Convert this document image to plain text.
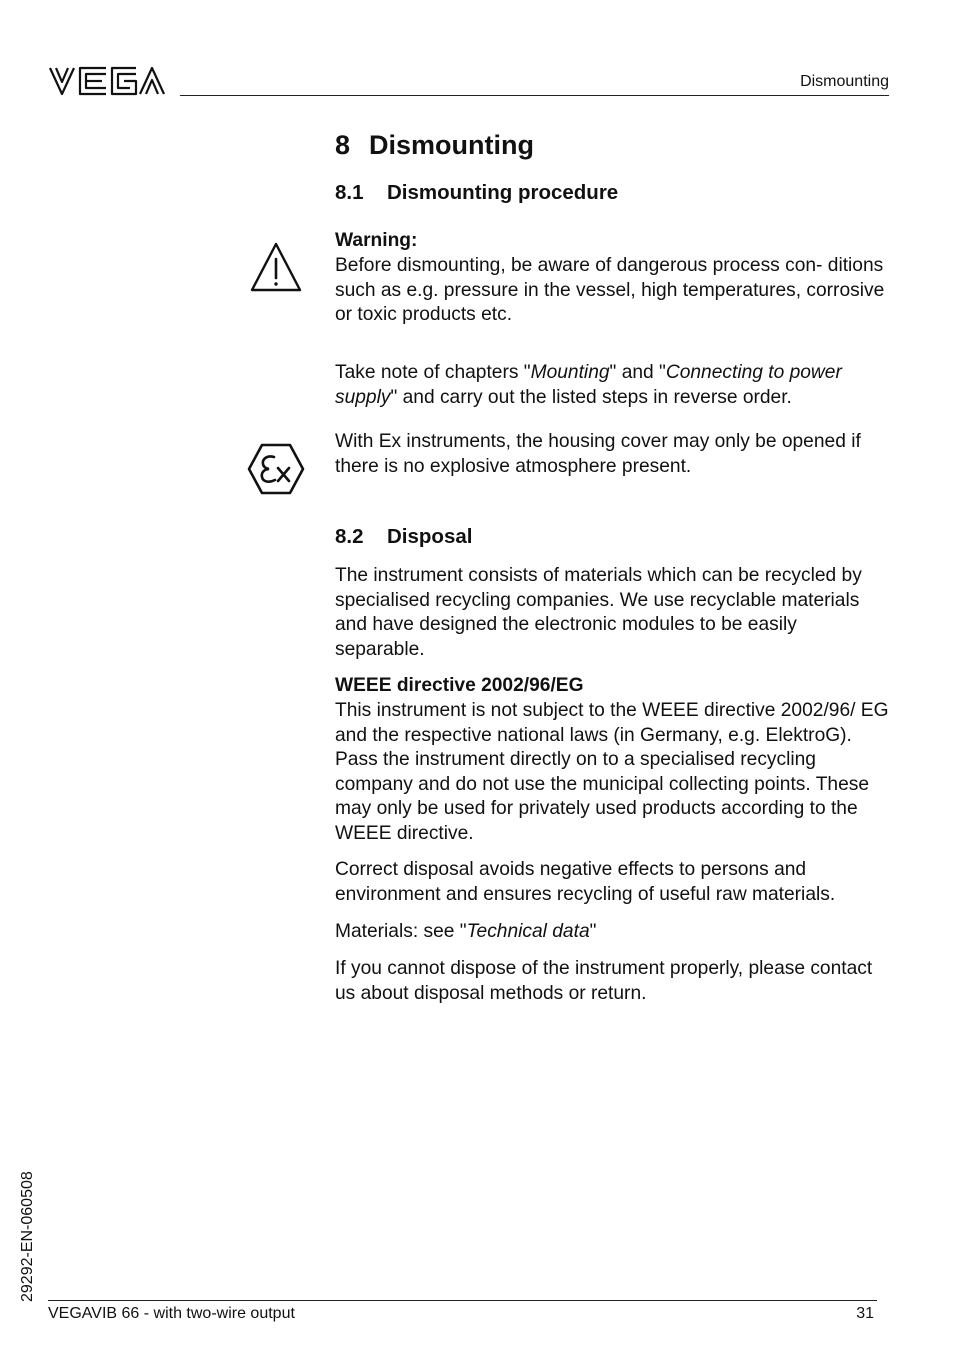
Dismounting
8 Dismounting
8.1 Dismounting procedure
Warning:

Before dismounting, be aware of dangerous process con- ditions such as e.g. pressure in the vessel, high temperatures, corrosive or toxic products etc.

Take note of chapters "Mounting" and "Connecting to power supply" and carry out the listed steps in reverse order.

With Ex instruments, the housing cover may only be opened if there is no explosive atmosphere present.

8.2 Disposal

The instrument consists of materials which can be recycled by specialised recycling companies. We use recyclable materials and have designed the electronic modules to be easily separable.

WEEE directive 2002/96/EG

This instrument is not subject to the WEEE directive 2002/96/ EG and the respective national laws (in Germany, e.g. ElektroG). Pass the instrument directly on to a specialised recycling company and do not use the municipal collecting points. These may only be used for privately used products according to the WEEE directive.

Correct disposal avoids negative effects to persons and environment and ensures recycling of useful raw materials.

Materials: see "Technical data"

If you cannot dispose of the instrument properly, please contact us about disposal methods or return.

29292-EN-060508
VEGAVIB 66 - with two-wire output	31
